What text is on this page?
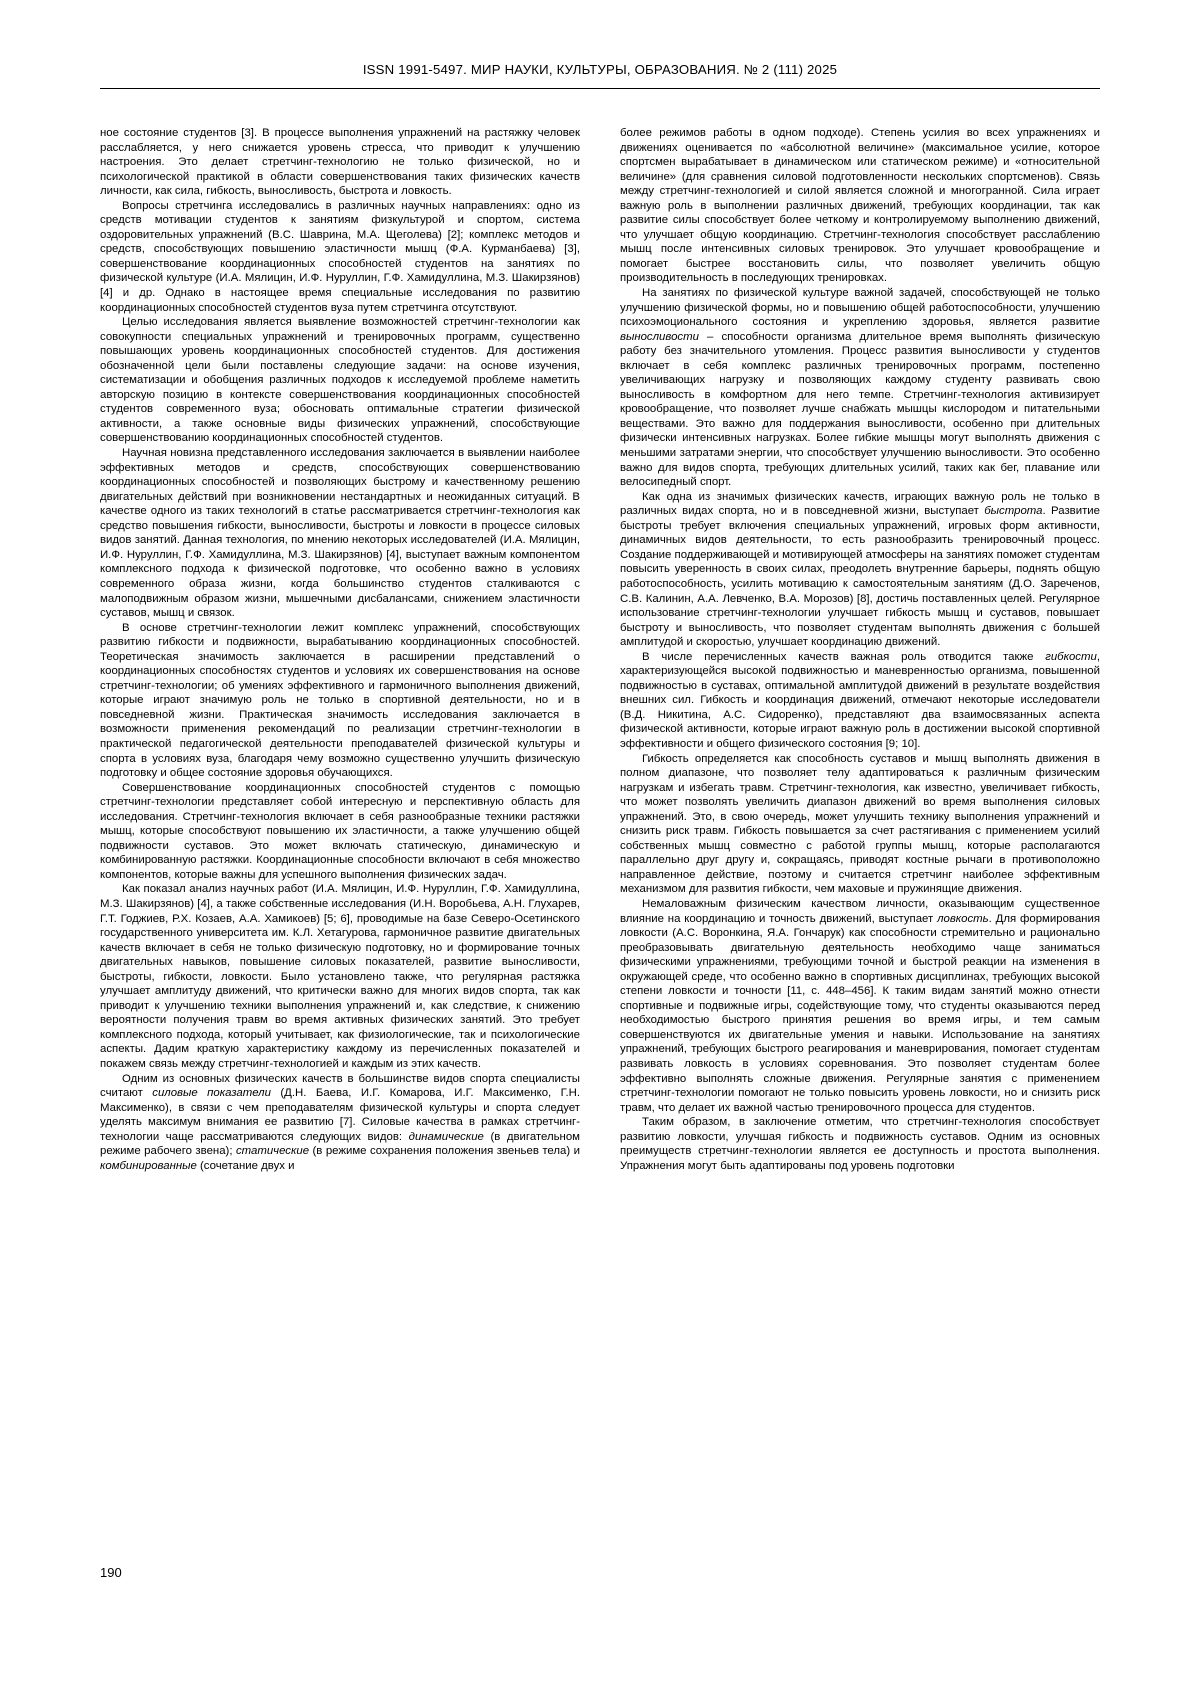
ISSN 1991-5497. МИР НАУКИ, КУЛЬТУРЫ, ОБРАЗОВАНИЯ. № 2 (111) 2025

ное состояние студентов [3]. В процессе выполнения упражнений на растяжку человек расслабляется, у него снижается уровень стресса, что приводит к улучшению настроения. Это делает стретчинг-технологию не только физической, но и психологической практикой в области совершенствования таких физических качеств личности, как сила, гибкость, выносливость, быстрота и ловкость.

Вопросы стретчинга исследовались в различных научных направлениях: одно из средств мотивации студентов к занятиям физкультурой и спортом, система оздоровительных упражнений (В.С. Шаврина, М.А. Щеголева) [2]; комплекс методов и средств, способствующих повышению эластичности мышц (Ф.А. Курманбаева) [3], совершенствование координационных способностей студентов на занятиях по физической культуре (И.А. Мялицин, И.Ф. Нуруллин, Г.Ф. Хамидуллина, М.З. Шакирзянов) [4] и др. Однако в настоящее время специальные исследования по развитию координационных способностей студентов вуза путем стретчинга отсутствуют.

Целью исследования является выявление возможностей стретчинг-технологии как совокупности специальных упражнений и тренировочных программ, существенно повышающих уровень координационных способностей студентов. Для достижения обозначенной цели были поставлены следующие задачи: на основе изучения, систематизации и обобщения различных подходов к исследуемой проблеме наметить авторскую позицию в контексте совершенствования координационных способностей студентов современного вуза; обосновать оптимальные стратегии физической активности, а также основные виды физических упражнений, способствующие совершенствованию координационных способностей студентов.

Научная новизна представленного исследования заключается в выявлении наиболее эффективных методов и средств, способствующих совершенствованию координационных способностей и позволяющих быстрому и качественному решению двигательных действий при возникновении нестандартных и неожиданных ситуаций. В качестве одного из таких технологий в статье рассматривается стретчинг-технология как средство повышения гибкости, выносливости, быстроты и ловкости в процессе силовых видов занятий. Данная технология, по мнению некоторых исследователей (И.А. Мялицин, И.Ф. Нуруллин, Г.Ф. Хамидуллина, М.З. Шакирзянов) [4], выступает важным компонентом комплексного подхода к физической подготовке, что особенно важно в условиях современного образа жизни, когда большинство студентов сталкиваются с малоподвижным образом жизни, мышечными дисбалансами, снижением эластичности суставов, мышц и связок.

В основе стретчинг-технологии лежит комплекс упражнений, способствующих развитию гибкости и подвижности, вырабатыванию координационных способностей. Теоретическая значимость заключается в расширении представлений о координационных способностях студентов и условиях их совершенствования на основе стретчинг-технологии; об умениях эффективного и гармоничного выполнения движений, которые играют значимую роль не только в спортивной деятельности, но и в повседневной жизни. Практическая значимость исследования заключается в возможности применения рекомендаций по реализации стретчинг-технологии в практической педагогической деятельности преподавателей физической культуры и спорта в условиях вуза, благодаря чему возможно существенно улучшить физическую подготовку и общее состояние здоровья обучающихся.

Совершенствование координационных способностей студентов с помощью стретчинг-технологии представляет собой интересную и перспективную область для исследования. Стретчинг-технология включает в себя разнообразные техники растяжки мышц, которые способствуют повышению их эластичности, а также улучшению общей подвижности суставов. Это может включать статическую, динамическую и комбинированную растяжки. Координационные способности включают в себя множество компонентов, которые важны для успешного выполнения физических задач.

Как показал анализ научных работ (И.А. Мялицин, И.Ф. Нуруллин, Г.Ф. Хамидуллина, М.З. Шакирзянов) [4], а также собственные исследования (И.Н. Воробьева, А.Н. Глухарев, Г.Т. Годжиев, Р.Х. Козаев, А.А. Хамикоев) [5; 6], проводимые на базе Северо-Осетинского государственного университета им. К.Л. Хетагурова, гармоничное развитие двигательных качеств включает в себя не только физическую подготовку, но и формирование точных двигательных навыков, повышение силовых показателей, развитие выносливости, быстроты, гибкости, ловкости. Было установлено также, что регулярная растяжка улучшает амплитуду движений, что критически важно для многих видов спорта, так как приводит к улучшению техники выполнения упражнений и, как следствие, к снижению вероятности получения травм во время активных физических занятий. Это требует комплексного подхода, который учитывает, как физиологические, так и психологические аспекты. Дадим краткую характеристику каждому из перечисленных показателей и покажем связь между стретчинг-технологией и каждым из этих качеств.

Одним из основных физических качеств в большинстве видов спорта специалисты считают силовые показатели (Д.Н. Баева, И.Г. Комарова, И.Г. Максименко, Г.Н. Максименко), в связи с чем преподавателям физической культуры и спорта следует уделять максимум внимания ее развитию [7]. Силовые качества в рамках стретчинг-технологии чаще рассматриваются следующих видов: динамические (в двигательном режиме рабочего звена); статические (в режиме сохранения положения звеньев тела) и комбинированные (сочетание двух и

более режимов работы в одном подходе). Степень усилия во всех упражнениях и движениях оценивается по «абсолютной величине» (максимальное усилие, которое спортсмен вырабатывает в динамическом или статическом режиме) и «относительной величине» (для сравнения силовой подготовленности нескольких спортсменов). Связь между стретчинг-технологией и силой является сложной и многогранной. Сила играет важную роль в выполнении различных движений, требующих координации, так как развитие силы способствует более четкому и контролируемому выполнению движений, что улучшает общую координацию. Стретчинг-технология способствует расслаблению мышц после интенсивных силовых тренировок. Это улучшает кровообращение и помогает быстрее восстановить силы, что позволяет увеличить общую производительность в последующих тренировках.

На занятиях по физической культуре важной задачей, способствующей не только улучшению физической формы, но и повышению общей работоспособности, улучшению психоэмоционального состояния и укреплению здоровья, является развитие выносливости – способности организма длительное время выполнять физическую работу без значительного утомления. Процесс развития выносливости у студентов включает в себя комплекс различных тренировочных программ, постепенно увеличивающих нагрузку и позволяющих каждому студенту развивать свою выносливость в комфортном для него темпе. Стретчинг-технология активизирует кровообращение, что позволяет лучше снабжать мышцы кислородом и питательными веществами. Это важно для поддержания выносливости, особенно при длительных физически интенсивных нагрузках. Более гибкие мышцы могут выполнять движения с меньшими затратами энергии, что способствует улучшению выносливости. Это особенно важно для видов спорта, требующих длительных усилий, таких как бег, плавание или велосипедный спорт.

Как одна из значимых физических качеств, играющих важную роль не только в различных видах спорта, но и в повседневной жизни, выступает быстрота. Развитие быстроты требует включения специальных упражнений, игровых форм активности, динамичных видов деятельности, то есть разнообразить тренировочный процесс. Создание поддерживающей и мотивирующей атмосферы на занятиях поможет студентам повысить уверенность в своих силах, преодолеть внутренние барьеры, поднять общую работоспособность, усилить мотивацию к самостоятельным занятиям (Д.О. Зареченов, С.В. Калинин, А.А. Левченко, В.А. Морозов) [8], достичь поставленных целей. Регулярное использование стретчинг-технологии улучшает гибкость мышц и суставов, повышает быстроту и выносливость, что позволяет студентам выполнять движения с большей амплитудой и скоростью, улучшает координацию движений.

В числе перечисленных качеств важная роль отводится также гибкости, характеризующейся высокой подвижностью и маневренностью организма, повышенной подвижностью в суставах, оптимальной амплитудой движений в результате воздействия внешних сил. Гибкость и координация движений, отмечают некоторые исследователи (В.Д. Никитина, А.С. Сидоренко), представляют два взаимосвязанных аспекта физической активности, которые играют важную роль в достижении высокой спортивной эффективности и общего физического состояния [9; 10].

Гибкость определяется как способность суставов и мышц выполнять движения в полном диапазоне, что позволяет телу адаптироваться к различным физическим нагрузкам и избегать травм. Стретчинг-технология, как известно, увеличивает гибкость, что может позволять увеличить диапазон движений во время выполнения силовых упражнений. Это, в свою очередь, может улучшить технику выполнения упражнений и снизить риск травм. Гибкость повышается за счет растягивания с применением усилий собственных мышц совместно с работой группы мышц, которые располагаются параллельно друг другу и, сокращаясь, приводят костные рычаги в противоположно направленное действие, поэтому и считается стретчинг наиболее эффективным механизмом для развития гибкости, чем маховые и пружинящие движения.

Немаловажным физическим качеством личности, оказывающим существенное влияние на координацию и точность движений, выступает ловкость. Для формирования ловкости (А.С. Воронкина, Я.А. Гончарук) как способности стремительно и рационально преобразовывать двигательную деятельность необходимо чаще заниматься физическими упражнениями, требующими точной и быстрой реакции на изменения в окружающей среде, что особенно важно в спортивных дисциплинах, требующих высокой степени ловкости и точности [11, с. 448–456]. К таким видам занятий можно отнести спортивные и подвижные игры, содействующие тому, что студенты оказываются перед необходимостью быстрого принятия решения во время игры, и тем самым совершенствуются их двигательные умения и навыки. Использование на занятиях упражнений, требующих быстрого реагирования и маневрирования, помогает студентам развивать ловкость в условиях соревнования. Это позволяет студентам более эффективно выполнять сложные движения. Регулярные занятия с применением стретчинг-технологии помогают не только повысить уровень ловкости, но и снизить риск травм, что делает их важной частью тренировочного процесса для студентов.

Таким образом, в заключение отметим, что стретчинг-технология способствует развитию ловкости, улучшая гибкость и подвижность суставов. Одним из основных преимуществ стретчинг-технологии является ее доступность и простота выполнения. Упражнения могут быть адаптированы под уровень подготовки

190
